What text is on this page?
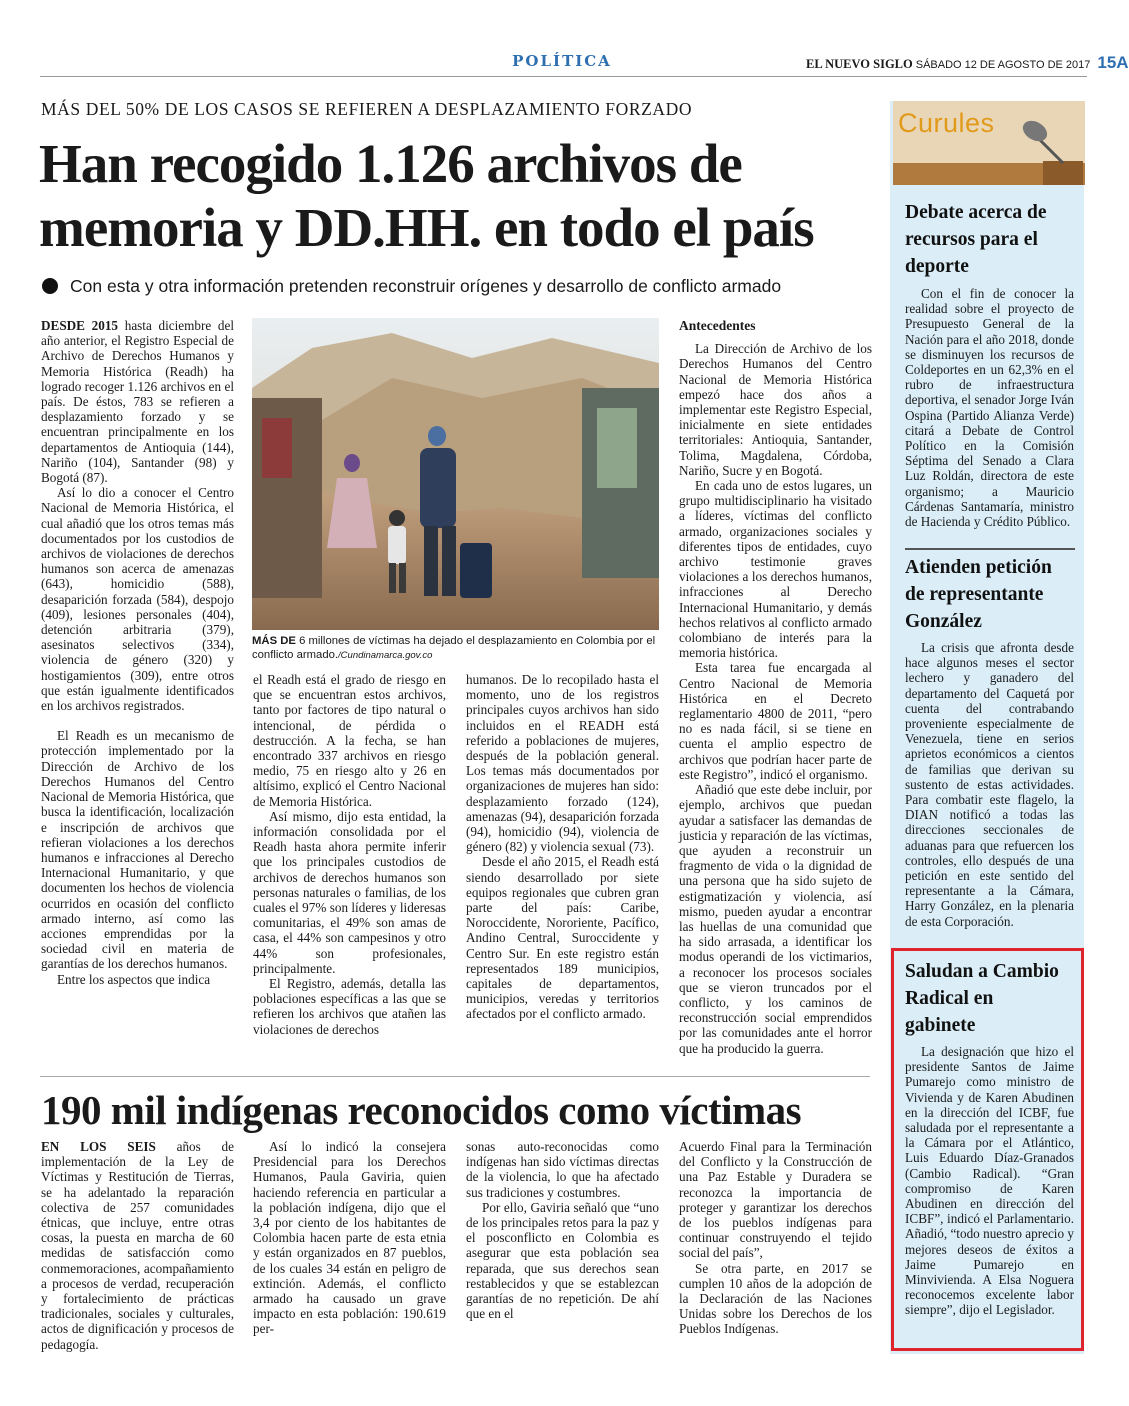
POLÍTICA	EL NUEVO SIGLO SÁBADO 12 DE AGOSTO DE 2017 15A
MÁS DEL 50% DE LOS CASOS SE REFIEREN A DESPLAZAMIENTO FORZADO
Han recogido 1.126 archivos de
memoria y DD.HH. en todo el país
Con esta y otra información pretenden reconstruir orígenes y desarrollo de conflicto armado

DESDE 2015 hasta diciembre del año anterior, el Registro Especial de Archivo de Derechos Humanos y Memoria Histórica (Readh) ha logrado recoger 1.126 archivos en el país. De éstos, 783 se refieren a desplazamiento forzado y se encuentran principalmente en los departamentos de Antioquia (144), Nariño (104), Santander (98) y Bogotá (87).

Así lo dio a conocer el Centro Nacional de Memoria Histórica, el cual añadió que los otros temas más documentados por los custodios de archivos de violaciones de derechos humanos son acerca de amenazas (643), homicidio (588), desaparición forzada (584), despojo (409), lesiones personales (404), detención arbitraria (379), asesinatos selectivos (334), violencia de género (320) y hostigamientos (309), entre otros que están igualmente identificados en los archivos registrados.

El Readh es un mecanismo de protección implementado por la Dirección de Archivo de los Derechos Humanos del Centro Nacional de Memoria Histórica, que busca la identificación, localización e inscripción de archivos que refieran violaciones a los derechos humanos e infracciones al Derecho Internacional Humanitario, y que documenten los hechos de violencia ocurridos en ocasión del conflicto armado interno, así como las acciones emprendidas por la sociedad civil en materia de garantías de los derechos humanos.

Entre los aspectos que indica

MÁS DE 6 millones de víctimas ha dejado el desplazamiento en Colombia por el conflicto armado./Cundinamarca.gov.co

el Readh está el grado de riesgo en que se encuentran estos archivos, tanto por factores de tipo natural o intencional, de pérdida o destrucción. A la fecha, se han encontrado 337 archivos en riesgo medio, 75 en riesgo alto y 26 en altísimo, explicó el Centro Nacional de Memoria Histórica.

Así mismo, dijo esta entidad, la información consolidada por el Readh hasta ahora permite inferir que los principales custodios de archivos de derechos humanos son personas naturales o familias, de los cuales el 97% son líderes y lideresas comunitarias, el 49% son amas de casa, el 44% son campesinos y otro 44% son profesionales, principalmente.

El Registro, además, detalla las poblaciones específicas a las que se refieren los archivos que atañen las violaciones de derechos

humanos. De lo recopilado hasta el momento, uno de los registros principales cuyos archivos han sido incluidos en el READH está referido a poblaciones de mujeres, después de la población general. Los temas más documentados por organizaciones de mujeres han sido: desplazamiento forzado (124), amenazas (94), desaparición forzada (94), homicidio (94), violencia de género (82) y violencia sexual (73).

Desde el año 2015, el Readh está siendo desarrollado por siete equipos regionales que cubren gran parte del país: Caribe, Noroccidente, Nororiente, Pacífico, Andino Central, Suroccidente y Centro Sur. En este registro están representados 189 municipios, capitales de departamentos, municipios, veredas y territorios afectados por el conflicto armado.

Antecedentes

La Dirección de Archivo de los Derechos Humanos del Centro Nacional de Memoria Histórica empezó hace dos años a implementar este Registro Especial, inicialmente en siete entidades territoriales: Antioquia, Santander, Tolima, Magdalena, Córdoba, Nariño, Sucre y en Bogotá.

En cada uno de estos lugares, un grupo multidisciplinario ha visitado a líderes, víctimas del conflicto armado, organizaciones sociales y diferentes tipos de entidades, cuyo archivo testimonie graves violaciones a los derechos humanos, infracciones al Derecho Internacional Humanitario, y demás hechos relativos al conflicto armado colombiano de interés para la memoria histórica.

Esta tarea fue encargada al Centro Nacional de Memoria Histórica en el Decreto reglamentario 4800 de 2011, “pero no es nada fácil, si se tiene en cuenta el amplio espectro de archivos que podrían hacer parte de este Registro”, indicó el organismo.

Añadió que este debe incluir, por ejemplo, archivos que puedan ayudar a satisfacer las demandas de justicia y reparación de las víctimas, que ayuden a reconstruir un fragmento de vida o la dignidad de una persona que ha sido sujeto de estigmatización y violencia, así mismo, pueden ayudar a encontrar las huellas de una comunidad que ha sido arrasada, a identificar los modus operandi de los victimarios, a reconocer los procesos sociales que se vieron truncados por el conflicto, y los caminos de reconstrucción social emprendidos por las comunidades ante el horror que ha producido la guerra.

190 mil indígenas reconocidos como víctimas

EN LOS SEIS años de implementación de la Ley de Víctimas y Restitución de Tierras, se ha adelantado la reparación colectiva de 257 comunidades étnicas, que incluye, entre otras cosas, la puesta en marcha de 60 medidas de satisfacción como conmemoraciones, acompañamiento a procesos de verdad, recuperación y fortalecimiento de prácticas tradicionales, sociales y culturales, actos de dignificación y procesos de pedagogía.

Así lo indicó la consejera Presidencial para los Derechos Humanos, Paula Gaviria, quien haciendo referencia en particular a la población indígena, dijo que el 3,4 por ciento de los habitantes de Colombia hacen parte de esta etnia y están organizados en 87 pueblos, de los cuales 34 están en peligro de extinción. Además, el conflicto armado ha causado un grave impacto en esta población: 190.619 per-

sonas auto-reconocidas como indígenas han sido víctimas directas de la violencia, lo que ha afectado sus tradiciones y costumbres.

Por ello, Gaviria señaló que “uno de los principales retos para la paz y el posconflicto en Colombia es asegurar que esta población sea reparada, que sus derechos sean restablecidos y que se establezcan garantías de no repetición. De ahí que en el

Acuerdo Final para la Terminación del Conflicto y la Construcción de una Paz Estable y Duradera se reconozca la importancia de proteger y garantizar los derechos de los pueblos indígenas para continuar construyendo el tejido social del país”,

Se otra parte, en 2017 se cumplen 10 años de la adopción de la Declaración de las Naciones Unidas sobre los Derechos de los Pueblos Indígenas.

Curules
Debate acerca de recursos para el deporte

Con el fin de conocer la realidad sobre el proyecto de Presupuesto General de la Nación para el año 2018, donde se disminuyen los recursos de Coldeportes en un 62,3% en el rubro de infraestructura deportiva, el senador Jorge Iván Ospina (Partido Alianza Verde) citará a Debate de Control Político en la Comisión Séptima del Senado a Clara Luz Roldán, directora de este organismo; a Mauricio Cárdenas Santamaría, ministro de Hacienda y Crédito Público.

Atienden petición de representante González

La crisis que afronta desde hace algunos meses el sector lechero y ganadero del departamento del Caquetá por cuenta del contrabando proveniente especialmente de Venezuela, tiene en serios aprietos económicos a cientos de familias que derivan su sustento de estas actividades. Para combatir este flagelo, la DIAN notificó a todas las direcciones seccionales de aduanas para que refuercen los controles, ello después de una petición en este sentido del representante a la Cámara, Harry González, en la plenaria de esta Corporación.

Saludan a Cambio Radical en gabinete

La designación que hizo el presidente Santos de Jaime Pumarejo como ministro de Vivienda y de Karen Abudinen en la dirección del ICBF, fue saludada por el representante a la Cámara por el Atlántico, Luis Eduardo Díaz-Granados (Cambio Radical). “Gran compromiso de Karen Abudinen en dirección del ICBF”, indicó el Parlamentario. Añadió, “todo nuestro aprecio y mejores deseos de éxitos a Jaime Pumarejo en Minvivienda. A Elsa Noguera reconocemos excelente labor siempre”, dijo el Legislador.
